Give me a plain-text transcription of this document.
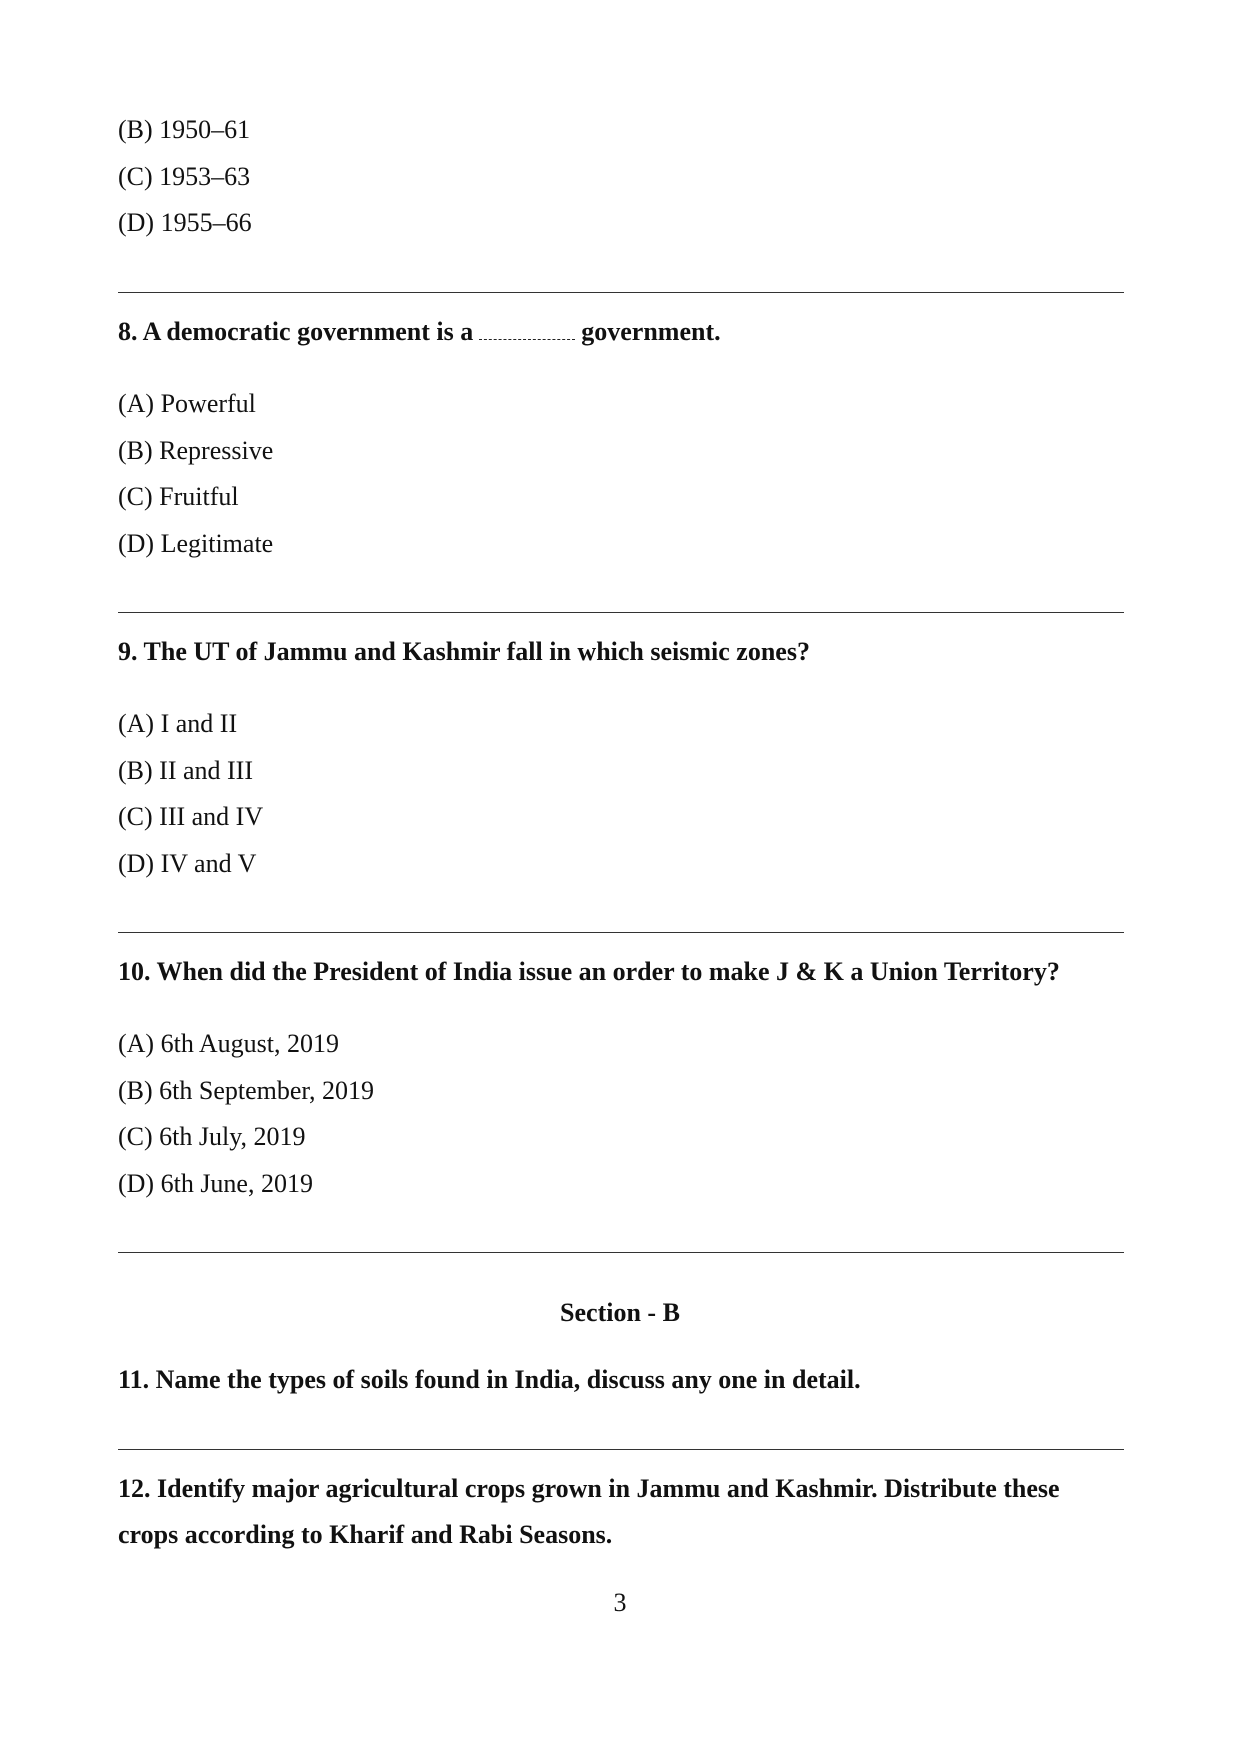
(B) 1950–61
(C) 1953–63
(D) 1955–66
8. A democratic government is a	government.
(A) Powerful
(B) Repressive
(C) Fruitful
(D) Legitimate
9. The UT of Jammu and Kashmir fall in which seismic zones?
(A) I and II
(B) II and III
(C) III and IV
(D) IV and V
10. When did the President of India issue an order to make J & K a Union Territory?
(A) 6th August, 2019
(B) 6th September, 2019
(C) 6th July, 2019
(D) 6th June, 2019
Section - B
11. Name the types of soils found in India, discuss any one in detail.
12. Identify major agricultural crops grown in Jammu and Kashmir. Distribute these
crops according to Kharif and Rabi Seasons.
3
